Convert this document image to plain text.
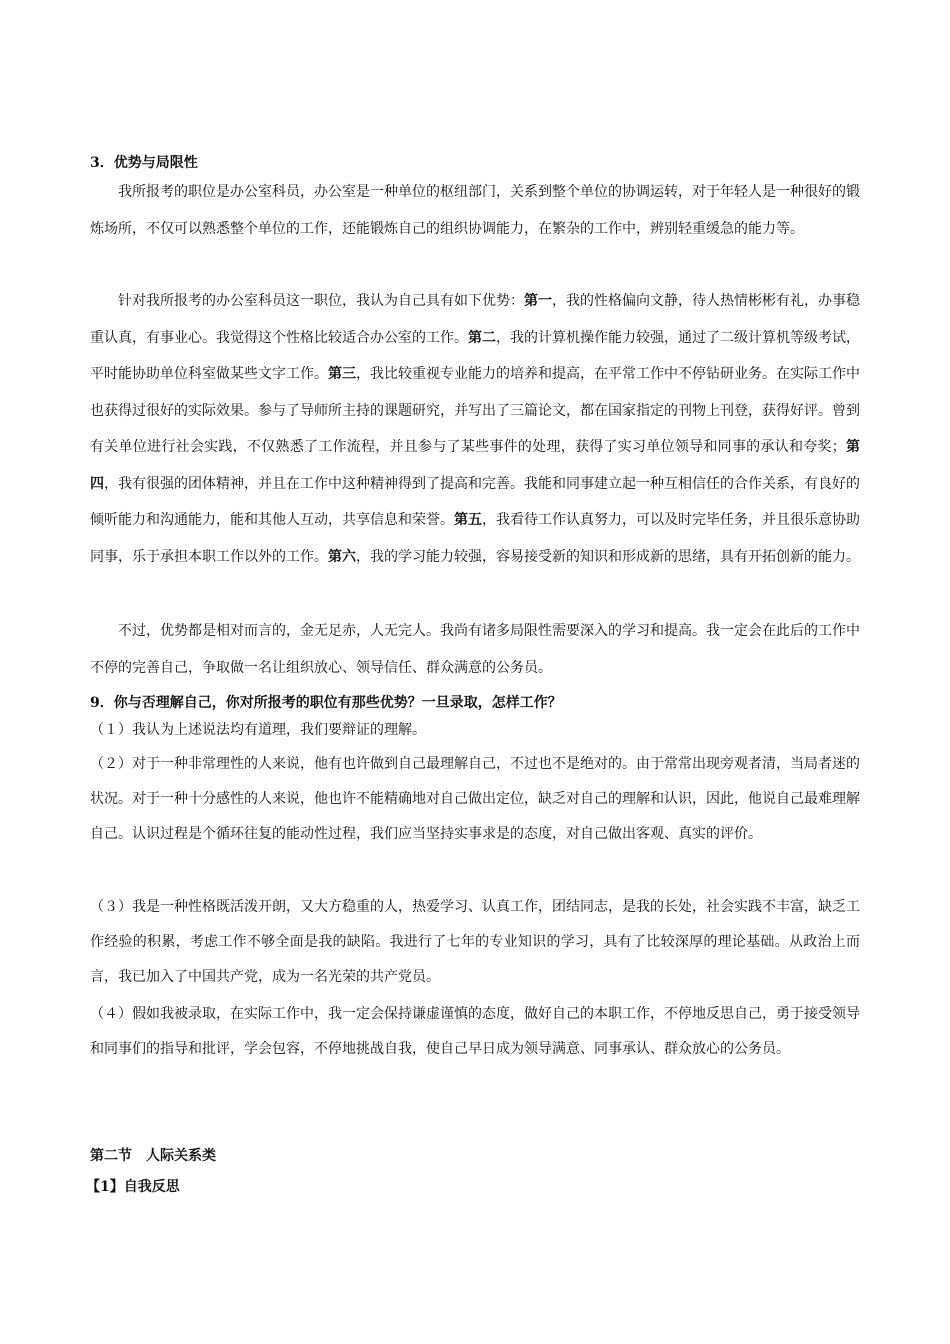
3．优势与局限性

我所报考的职位是办公室科员，办公室是一种单位的枢纽部门，关系到整个单位的协调运转，对于年轻人是一种很好的锻炼场所，不仅可以熟悉整个单位的工作，还能锻炼自己的组织协调能力，在繁杂的工作中，辨别轻重缓急的能力等。

针对我所报考的办公室科员这一职位，我认为自己具有如下优势：第一，我的性格偏向文静，待人热情彬彬有礼，办事稳重认真，有事业心。我觉得这个性格比较适合办公室的工作。第二，我的计算机操作能力较强，通过了二级计算机等级考试，平时能协助单位科室做某些文字工作。第三，我比较重视专业能力的培养和提高，在平常工作中不停钻研业务。在实际工作中也获得过很好的实际效果。参与了导师所主持的课题研究，并写出了三篇论文，都在国家指定的刊物上刊登，获得好评。曾到有关单位进行社会实践，不仅熟悉了工作流程，并且参与了某些事件的处理，获得了实习单位领导和同事的承认和夸奖；第四，我有很强的团体精神，并且在工作中这种精神得到了提高和完善。我能和同事建立起一种互相信任的合作关系，有良好的倾听能力和沟通能力，能和其他人互动，共享信息和荣誉。第五，我看待工作认真努力，可以及时完毕任务，并且很乐意协助同事，乐于承担本职工作以外的工作。第六，我的学习能力较强，容易接受新的知识和形成新的思绪，具有开拓创新的能力。

不过，优势都是相对而言的，金无足赤，人无完人。我尚有诸多局限性需要深入的学习和提高。我一定会在此后的工作中不停的完善自己，争取做一名让组织放心、领导信任、群众满意的公务员。

9．你与否理解自己，你对所报考的职位有那些优势？一旦录取，怎样工作？

（１）我认为上述说法均有道理，我们要辩证的理解。

（２）对于一种非常理性的人来说，他有也许做到自己最理解自己，不过也不是绝对的。由于常常出现旁观者清，当局者迷的状况。对于一种十分感性的人来说，他也许不能精确地对自己做出定位，缺乏对自己的理解和认识，因此，他说自己最难理解自己。认识过程是个循环往复的能动性过程，我们应当坚持实事求是的态度，对自己做出客观、真实的评价。

（３）我是一种性格既活泼开朗，又大方稳重的人，热爱学习、认真工作，团结同志，是我的长处，社会实践不丰富，缺乏工作经验的积累，考虑工作不够全面是我的缺陷。我进行了七年的专业知识的学习，具有了比较深厚的理论基础。从政治上而言，我已加入了中国共产党，成为一名光荣的共产党员。

（４）假如我被录取，在实际工作中，我一定会保持谦虚谨慎的态度，做好自己的本职工作，不停地反思自己，勇于接受领导和同事们的指导和批评，学会包容，不停地挑战自我，使自己早日成为领导满意、同事承认、群众放心的公务员。

第二节　人际关系类
【1】自我反思
